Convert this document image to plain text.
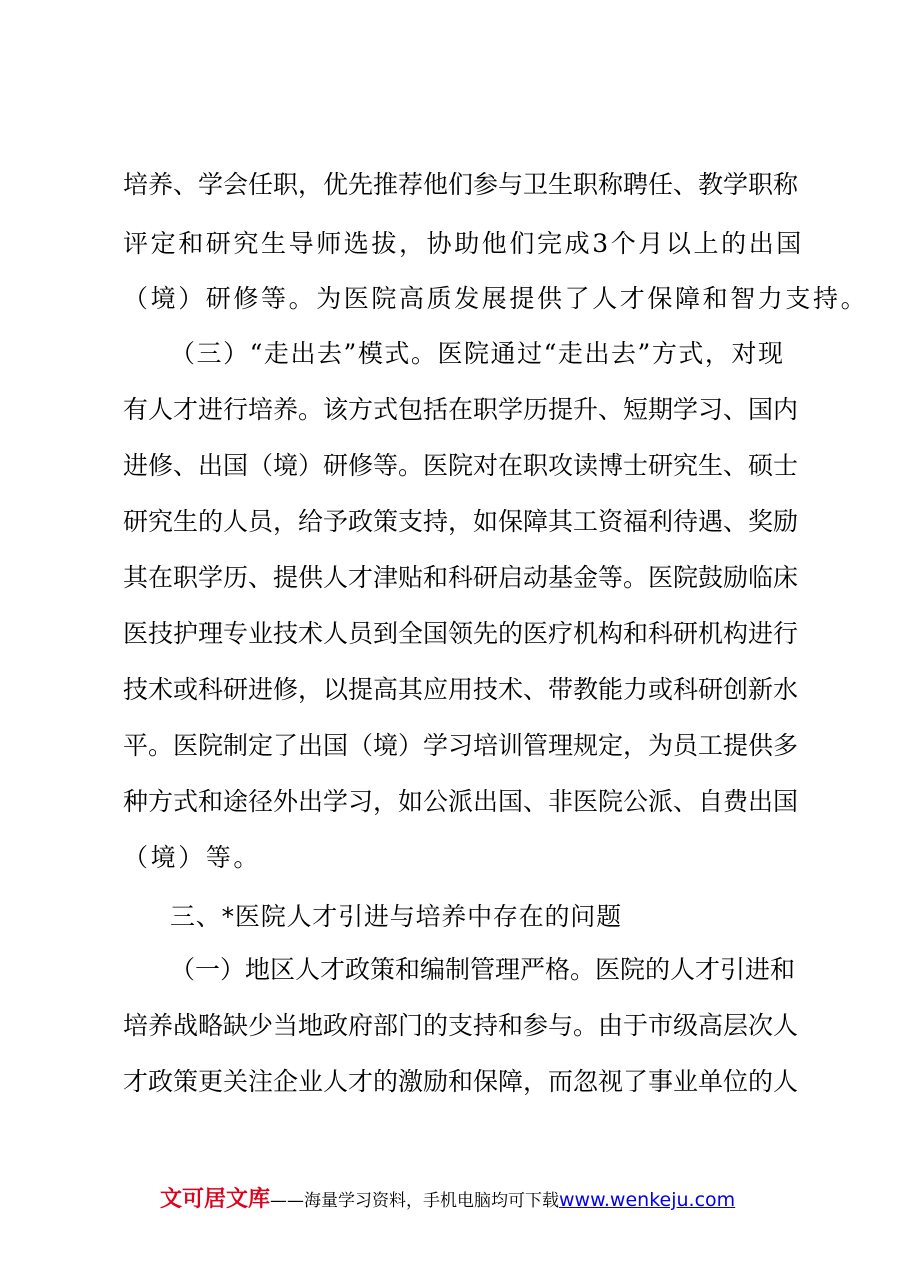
培养、学会任职，优先推荐他们参与卫生职称聘任、教学职称
评定和研究生导师选拔，协助他们完成3个月以上的出国
（境）研修等。为医院高质发展提供了人才保障和智力支持。
（三）“走出去”模式。医院通过“走出去”方式，对现
有人才进行培养。该方式包括在职学历提升、短期学习、国内
进修、出国（境）研修等。医院对在职攻读博士研究生、硕士
研究生的人员，给予政策支持，如保障其工资福利待遇、奖励
其在职学历、提供人才津贴和科研启动基金等。医院鼓励临床
医技护理专业技术人员到全国领先的医疗机构和科研机构进行
技术或科研进修，以提高其应用技术、带教能力或科研创新水
平。医院制定了出国（境）学习培训管理规定，为员工提供多
种方式和途径外出学习，如公派出国、非医院公派、自费出国
（境）等。
三、*医院人才引进与培养中存在的问题
（一）地区人才政策和编制管理严格。医院的人才引进和
培养战略缺少当地政府部门的支持和参与。由于市级高层次人
才政策更关注企业人才的激励和保障，而忽视了事业单位的人
文可居文库 ——海量学习资料，手机电脑均可下载 www.wenkeju.com
